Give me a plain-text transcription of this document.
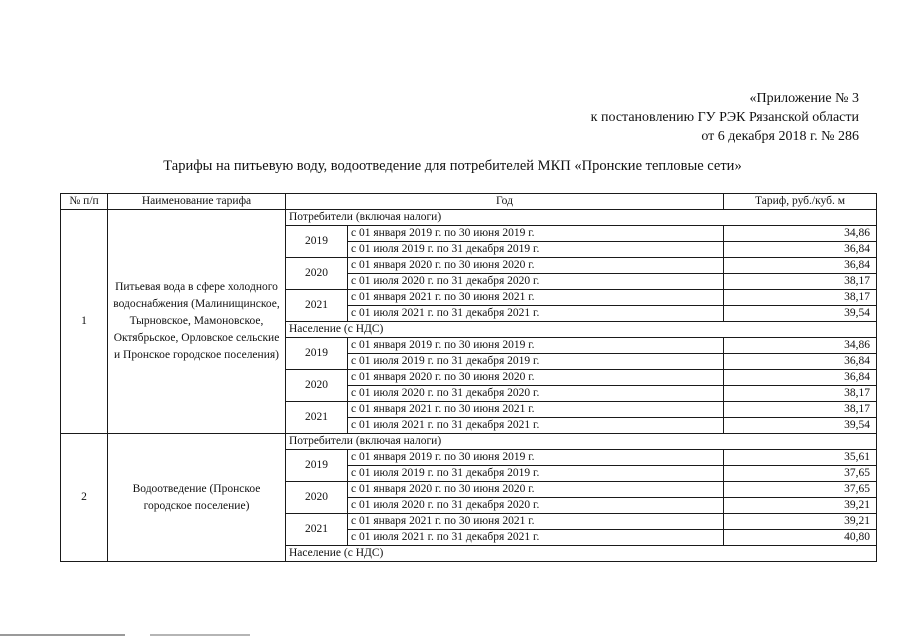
«Приложение № 3
к постановлению ГУ РЭК Рязанской области
от 6 декабря 2018 г. № 286
Тарифы на питьевую воду, водоотведение для потребителей МКП «Пронские тепловые сети»
№ п/п	Наименование тарифа	Год		Тариф, руб./куб. м
1	Питьевая вода в сфере холодного водоснабжения (Малинищинское, Тырновское, Мамоновское, Октябрьское, Орловское сельские и Пронское городское поселения)	Потребители (включая налоги)		
		2019	с 01 января 2019 г. по 30 июня 2019 г.	34,86
			с 01 июля 2019 г. по 31 декабря 2019 г.	36,84
		2020	с 01 января 2020 г. по 30 июня 2020 г.	36,84
			с 01 июля 2020 г. по 31 декабря 2020 г.	38,17
		2021	с 01 января 2021 г. по 30 июня 2021 г.	38,17
			с 01 июля 2021 г. по 31 декабря 2021 г.	39,54
		Население (с НДС)		
		2019	с 01 января 2019 г. по 30 июня 2019 г.	34,86
			с 01 июля 2019 г. по 31 декабря 2019 г.	36,84
		2020	с 01 января 2020 г. по 30 июня 2020 г.	36,84
			с 01 июля 2020 г. по 31 декабря 2020 г.	38,17
		2021	с 01 января 2021 г. по 30 июня 2021 г.	38,17
			с 01 июля 2021 г. по 31 декабря 2021 г.	39,54
2	Водоотведение (Пронское городское поселение)	Потребители (включая налоги)		
		2019	с 01 января 2019 г. по 30 июня 2019 г.	35,61
			с 01 июля 2019 г. по 31 декабря 2019 г.	37,65
		2020	с 01 января 2020 г. по 30 июня 2020 г.	37,65
			с 01 июля 2020 г. по 31 декабря 2020 г.	39,21
		2021	с 01 января 2021 г. по 30 июня 2021 г.	39,21
			с 01 июля 2021 г. по 31 декабря 2021 г.	40,80
		Население (с НДС)		
